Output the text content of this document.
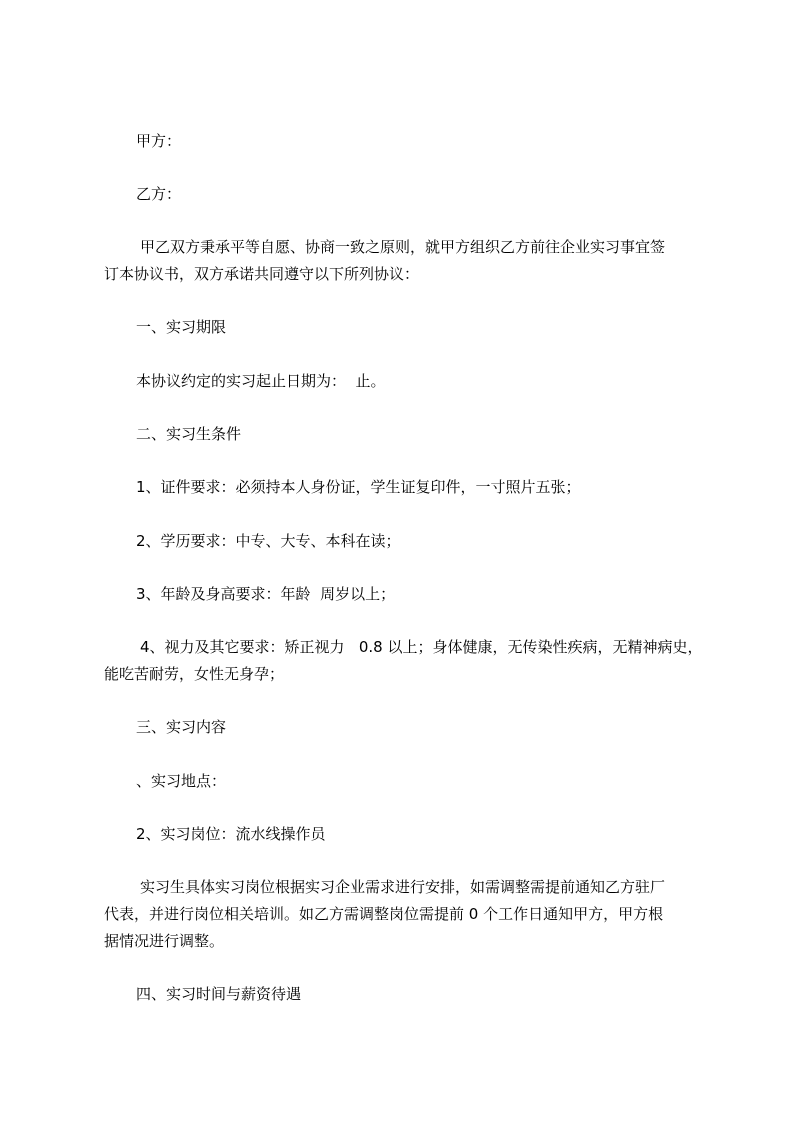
甲方：

乙方：

甲乙双方秉承平等自愿、协商一致之原则，就甲方组织乙方前往企业实习事宜签

订本协议书，双方承诺共同遵守以下所列协议：

一、实习期限

本协议约定的实习起止日期为：  止。

二、实习生条件

1、证件要求：必须持本人身份证，学生证复印件，一寸照片五张；

2、学历要求：中专、大专、本科在读；

3、年龄及身高要求：年龄  周岁以上；

4、视力及其它要求：矫正视力   0.8 以上；身体健康，无传染性疾病，无精神病史，

能吃苦耐劳，女性无身孕；

三、实习内容

、实习地点：

2、实习岗位：流水线操作员

实习生具体实习岗位根据实习企业需求进行安排，如需调整需提前通知乙方驻厂

代表，并进行岗位相关培训。如乙方需调整岗位需提前 0 个工作日通知甲方，甲方根

据情况进行调整。

四、实习时间与薪资待遇
